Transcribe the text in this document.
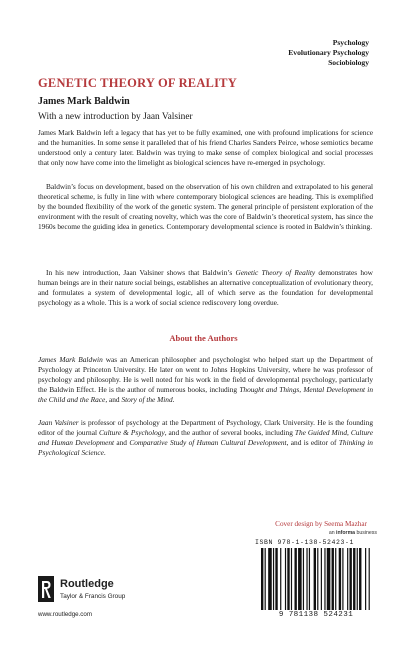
Psychology
Evolutionary Psychology
Sociobiology
GENETIC THEORY OF REALITY
James Mark Baldwin
With a new introduction by Jaan Valsiner

James Mark Baldwin left a legacy that has yet to be fully examined, one with profound implications for science and the humanities. In some sense it paralleled that of his friend Charles Sanders Peirce, whose semiotics became understood only a century later. Baldwin was trying to make sense of complex biological and social processes that only now have come into the limelight as biological sciences have re-emerged in psychology.

Baldwin’s focus on development, based on the observation of his own children and extrapolated to his general theoretical scheme, is fully in line with where contemporary biological sciences are heading. This is exemplified by the bounded flexibility of the work of the genetic system. The general principle of persistent exploration of the environment with the result of creating novelty, which was the core of Baldwin’s theoretical system, has since the 1960s become the guiding idea in genetics. Contemporary developmental science is rooted in Baldwin’s thinking.

In his new introduction, Jaan Valsiner shows that Baldwin’s Genetic Theory of Reality demonstrates how human beings are in their nature social beings, establishes an alternative conceptualization of evolutionary theory, and formulates a system of developmental logic, all of which serve as the foundation for developmental psychology as a whole. This is a work of social science rediscovery long overdue.

About the Authors

James Mark Baldwin was an American philosopher and psychologist who helped start up the Department of Psychology at Princeton University. He later on went to Johns Hopkins University, where he was professor of psychology and philosophy. He is well noted for his work in the field of developmental psychology, particularly the Baldwin Effect. He is the author of numerous books, including Thought and Things, Mental Development in the Child and the Race, and Story of the Mind.

Jaan Valsiner is professor of psychology at the Department of Psychology, Clark University. He is the founding editor of the journal Culture & Psychology, and the author of several books, including The Guided Mind, Culture and Human Development and Comparative Study of Human Cultural Development, and is editor of Thinking in Psychological Science.

Cover design by Seema Mazhar
an informa business
ISBN 978-1-138-52423-1
9 781138 524231
Routledge
Taylor & Francis Group
www.routledge.com
